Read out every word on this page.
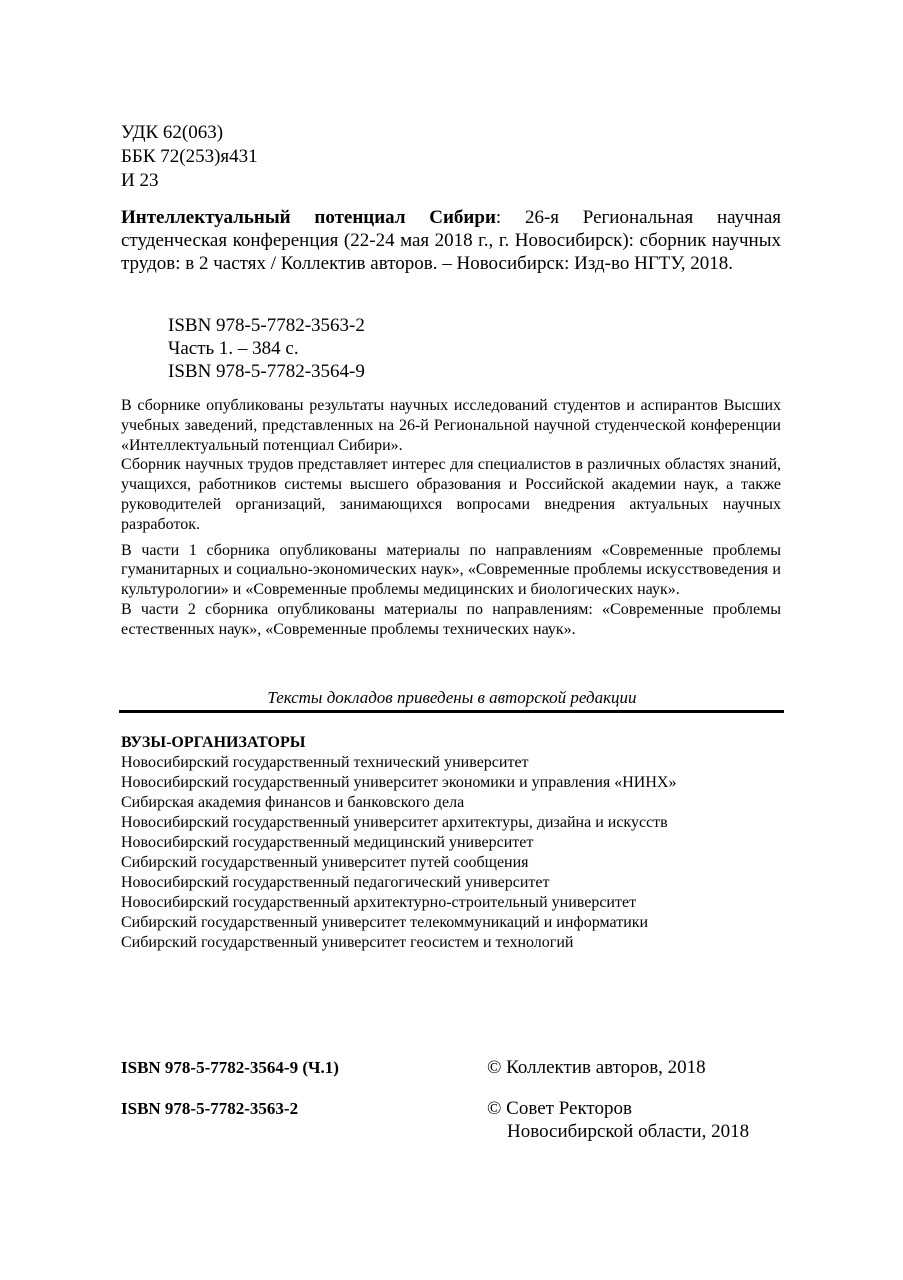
УДК 62(063)
ББК 72(253)я431
И 23
Интеллектуальный потенциал Сибири: 26-я Региональная научная студенческая конференция (22-24 мая 2018 г., г. Новосибирск): сборник научных трудов: в 2 частях / Коллектив авторов. – Новосибирск: Изд-во НГТУ, 2018.
ISBN 978-5-7782-3563-2
Часть 1. – 384 с.
ISBN 978-5-7782-3564-9

В сборнике опубликованы результаты научных исследований студентов и аспирантов Высших учебных заведений, представленных на 26-й Региональной научной студенческой конференции «Интеллектуальный потенциал Сибири».

Сборник научных трудов представляет интерес для специалистов в различных областях знаний, учащихся, работников системы высшего образования и Российской академии наук, а также руководителей организаций, занимающихся вопросами внедрения актуальных научных разработок.

В части 1 сборника опубликованы материалы по направлениям «Современные проблемы гуманитарных и социально-экономических наук», «Современные проблемы искусствоведения и культурологии» и «Современные проблемы медицинских и биологических наук».

В части 2 сборника опубликованы материалы по направлениям: «Современные проблемы естественных наук», «Современные проблемы технических наук».

Тексты докладов приведены в авторской редакции
ВУЗЫ-ОРГАНИЗАТОРЫ
Новосибирский государственный технический университет
Новосибирский государственный университет экономики и управления «НИНХ»
Сибирская академия финансов и банковского дела
Новосибирский государственный университет архитектуры, дизайна и искусств
Новосибирский государственный медицинский университет
Сибирский государственный университет путей сообщения
Новосибирский государственный педагогический университет
Новосибирский государственный архитектурно-строительный университет
Сибирский государственный университет телекоммуникаций и информатики
Сибирский государственный университет геосистем и технологий
ISBN 978-5-7782-3564-9 (Ч.1)
ISBN 978-5-7782-3563-2
© Коллектив авторов, 2018
© Совет Ректоров
Новосибирской области, 2018
